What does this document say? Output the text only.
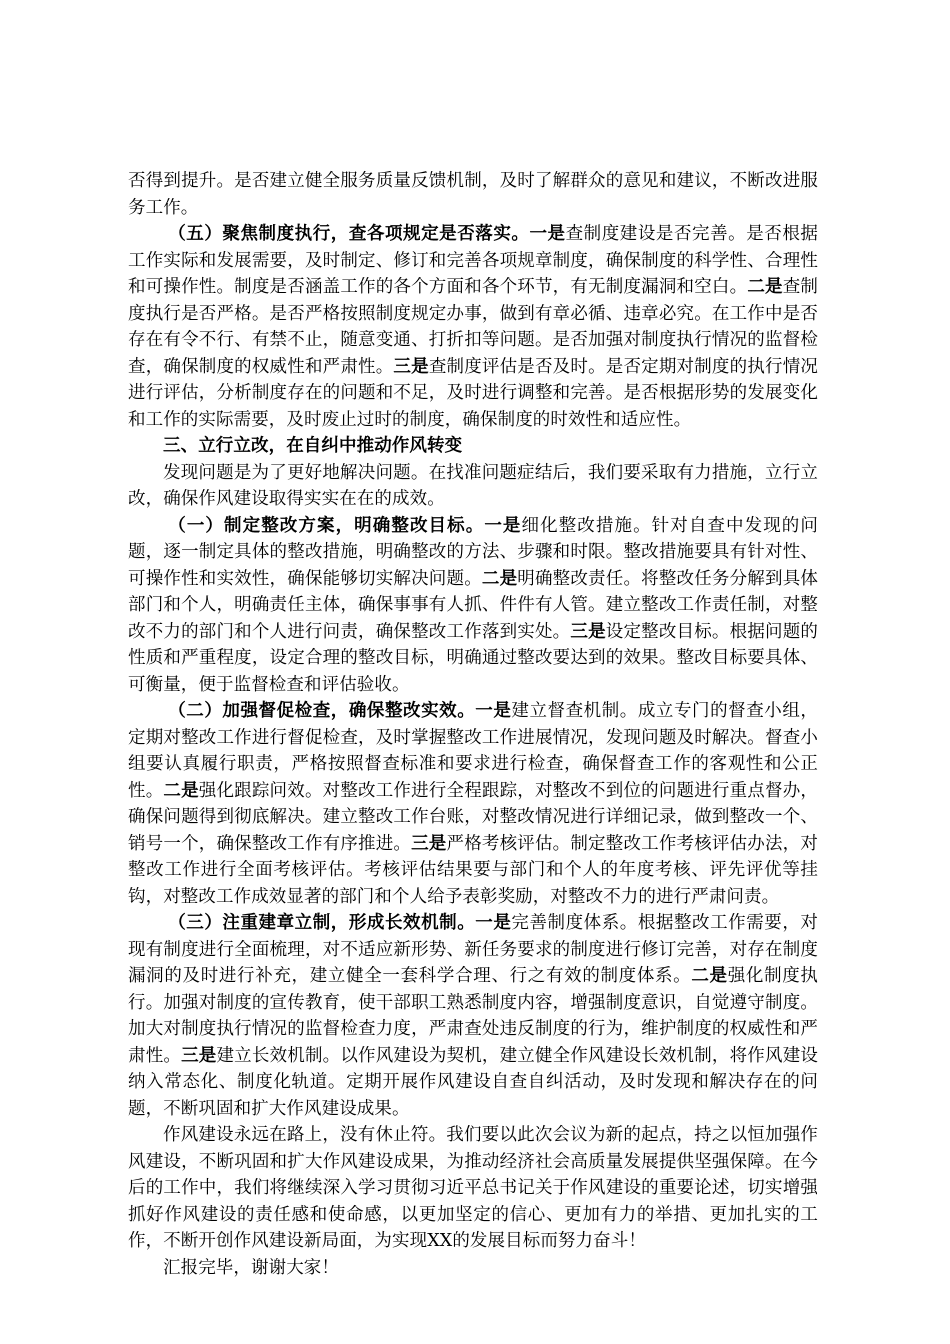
否得到提升。是否建立健全服务质量反馈机制，及时了解群众的意见和建议，不断改进服务工作。

（五）聚焦制度执行，查各项规定是否落实。一是查制度建设是否完善。是否根据工作实际和发展需要，及时制定、修订和完善各项规章制度，确保制度的科学性、合理性和可操作性。制度是否涵盖工作的各个方面和各个环节，有无制度漏洞和空白。二是查制度执行是否严格。是否严格按照制度规定办事，做到有章必循、违章必究。在工作中是否存在有令不行、有禁不止，随意变通、打折扣等问题。是否加强对制度执行情况的监督检查，确保制度的权威性和严肃性。三是查制度评估是否及时。是否定期对制度的执行情况进行评估，分析制度存在的问题和不足，及时进行调整和完善。是否根据形势的发展变化和工作的实际需要，及时废止过时的制度，确保制度的时效性和适应性。

三、立行立改，在自纠中推动作风转变

发现问题是为了更好地解决问题。在找准问题症结后，我们要采取有力措施，立行立改，确保作风建设取得实实在在的成效。

（一）制定整改方案，明确整改目标。一是细化整改措施。针对自查中发现的问题，逐一制定具体的整改措施，明确整改的方法、步骤和时限。整改措施要具有针对性、可操作性和实效性，确保能够切实解决问题。二是明确整改责任。将整改任务分解到具体部门和个人，明确责任主体，确保事事有人抓、件件有人管。建立整改工作责任制，对整改不力的部门和个人进行问责，确保整改工作落到实处。三是设定整改目标。根据问题的性质和严重程度，设定合理的整改目标，明确通过整改要达到的效果。整改目标要具体、可衡量，便于监督检查和评估验收。

（二）加强督促检查，确保整改实效。一是建立督查机制。成立专门的督查小组，定期对整改工作进行督促检查，及时掌握整改工作进展情况，发现问题及时解决。督查小组要认真履行职责，严格按照督查标准和要求进行检查，确保督查工作的客观性和公正性。二是强化跟踪问效。对整改工作进行全程跟踪，对整改不到位的问题进行重点督办，确保问题得到彻底解决。建立整改工作台账，对整改情况进行详细记录，做到整改一个、销号一个，确保整改工作有序推进。三是严格考核评估。制定整改工作考核评估办法，对整改工作进行全面考核评估。考核评估结果要与部门和个人的年度考核、评先评优等挂钩，对整改工作成效显著的部门和个人给予表彰奖励，对整改不力的进行严肃问责。

（三）注重建章立制，形成长效机制。一是完善制度体系。根据整改工作需要，对现有制度进行全面梳理，对不适应新形势、新任务要求的制度进行修订完善，对存在制度漏洞的及时进行补充，建立健全一套科学合理、行之有效的制度体系。二是强化制度执行。加强对制度的宣传教育，使干部职工熟悉制度内容，增强制度意识，自觉遵守制度。加大对制度执行情况的监督检查力度，严肃查处违反制度的行为，维护制度的权威性和严肃性。三是建立长效机制。以作风建设为契机，建立健全作风建设长效机制，将作风建设纳入常态化、制度化轨道。定期开展作风建设自查自纠活动，及时发现和解决存在的问题，不断巩固和扩大作风建设成果。

作风建设永远在路上，没有休止符。我们要以此次会议为新的起点，持之以恒加强作风建设，不断巩固和扩大作风建设成果，为推动经济社会高质量发展提供坚强保障。在今后的工作中，我们将继续深入学习贯彻习近平总书记关于作风建设的重要论述，切实增强抓好作风建设的责任感和使命感，以更加坚定的信心、更加有力的举措、更加扎实的工作，不断开创作风建设新局面，为实现XX的发展目标而努力奋斗！

汇报完毕，谢谢大家！
